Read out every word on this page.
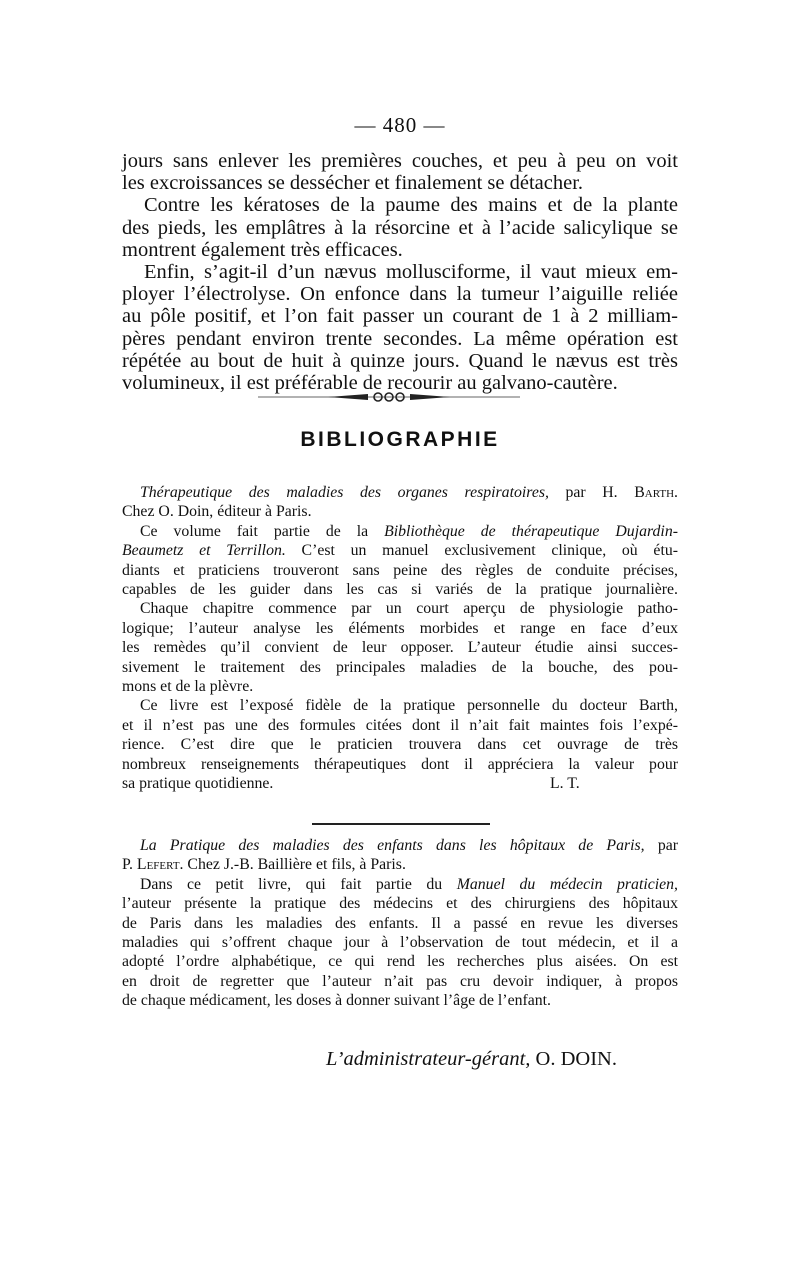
— 480 —
jours sans enlever les premières couches, et peu à peu on voit
les excroissances se dessécher et finalement se détacher.
Contre les kératoses de la paume des mains et de la plante
des pieds, les emplâtres à la résorcine et à l’acide salicylique se
montrent également très efficaces.
Enfin, s’agit-il d’un nævus mollusciforme, il vaut mieux em-
ployer l’électrolyse. On enfonce dans la tumeur l’aiguille reliée
au pôle positif, et l’on fait passer un courant de 1 à 2 milliam-
pères pendant environ trente secondes. La même opération est
répétée au bout de huit à quinze jours. Quand le nævus est très
volumineux, il est préférable de recourir au galvano-cautère.
BIBLIOGRAPHIE
Thérapeutique des maladies des organes respiratoires, par H. Barth.
Chez O. Doin, éditeur à Paris.
Ce volume fait partie de la Bibliothèque de thérapeutique Dujardin-
Beaumetz et Terrillon. C’est un manuel exclusivement clinique, où étu-
diants et praticiens trouveront sans peine des règles de conduite précises,
capables de les guider dans les cas si variés de la pratique journalière.
Chaque chapitre commence par un court aperçu de physiologie patho-
logique; l’auteur analyse les éléments morbides et range en face d’eux
les remèdes qu’il convient de leur opposer. L’auteur étudie ainsi succes-
sivement le traitement des principales maladies de la bouche, des pou-
mons et de la plèvre.
Ce livre est l’exposé fidèle de la pratique personnelle du docteur Barth,
et il n’est pas une des formules citées dont il n’ait fait maintes fois l’expé-
rience. C’est dire que le praticien trouvera dans cet ouvrage de très
nombreux renseignements thérapeutiques dont il appréciera la valeur pour
sa pratique quotidienne.	L. T.
La Pratique des maladies des enfants dans les hôpitaux de Paris, par
P. Lefert. Chez J.-B. Baillière et fils, à Paris.
Dans ce petit livre, qui fait partie du Manuel du médecin praticien,
l’auteur présente la pratique des médecins et des chirurgiens des hôpitaux
de Paris dans les maladies des enfants. Il a passé en revue les diverses
maladies qui s’offrent chaque jour à l’observation de tout médecin, et il a
adopté l’ordre alphabétique, ce qui rend les recherches plus aisées. On est
en droit de regretter que l’auteur n’ait pas cru devoir indiquer, à propos
de chaque médicament, les doses à donner suivant l’âge de l’enfant.
L’administrateur-gérant, O. DOIN.
